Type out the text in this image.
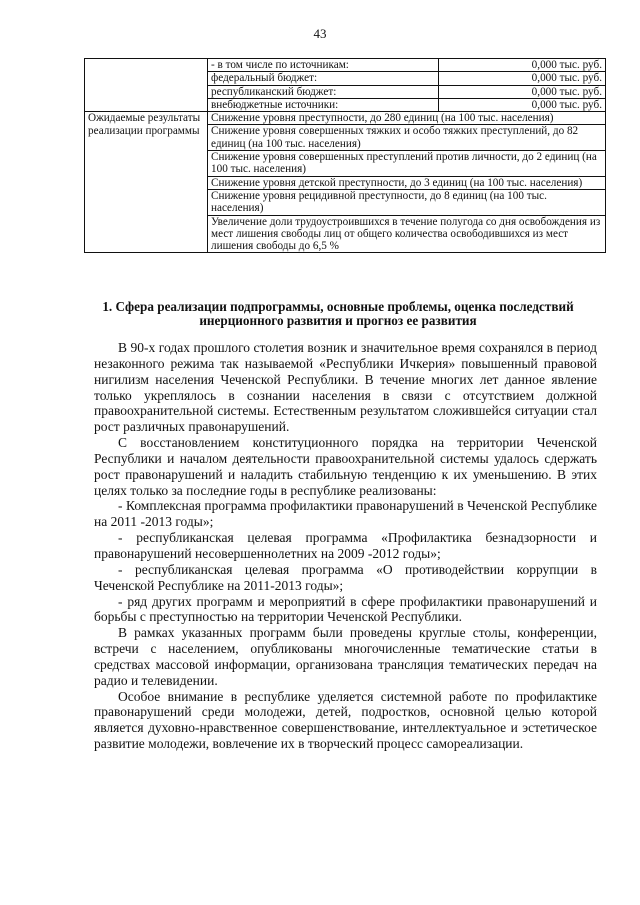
43
	- в том числе по источникам:	0,000 тыс. руб.
	федеральный бюджет:	0,000 тыс. руб.
	республиканский бюджет:	0,000 тыс. руб.
	внебюджетные источники:	0,000 тыс. руб.
Ожидаемые результаты реализации программы	Снижение уровня преступности, до 280 единиц (на 100 тыс. населения)	
	Снижение уровня совершенных тяжких и особо тяжких преступлений, до 82 единиц (на 100 тыс. населения)	
	Снижение уровня совершенных преступлений против личности, до 2 единиц (на 100 тыс. населения)	
	Снижение уровня детской преступности, до 3 единиц (на 100 тыс. населения)	
	Снижение уровня рецидивной преступности, до 8 единиц (на 100 тыс. населения)	
	Увеличение доли трудоустроившихся в течение полугода со дня освобождения из мест лишения свободы лиц от общего количества освободившихся из мест лишения свободы до 6,5 %	
1. Сфера реализации подпрограммы, основные проблемы, оценка последствий инерционного развития и прогноз ее развития

В 90-х годах прошлого столетия возник и значительное время сохранялся в период незаконного режима так называемой «Республики Ичкерия» повышенный правовой нигилизм населения Чеченской Республики. В течение многих лет данное явление только укреплялось в сознании населения в связи с отсутствием должной правоохранительной системы. Естественным результатом сложившейся ситуации стал рост различных правонарушений.

С восстановлением конституционного порядка на территории Чеченской Республики и началом деятельности правоохранительной системы удалось сдержать рост правонарушений и наладить стабильную тенденцию к их уменьшению. В этих целях только за последние годы в республике реализованы:

- Комплексная программа профилактики правонарушений в Чеченской Республике на 2011 -2013 годы»;

- республиканская целевая программа «Профилактика безнадзорности и правонарушений несовершеннолетних на 2009 -2012 годы»;

- республиканская целевая программа «О противодействии коррупции в Чеченской Республике на 2011-2013 годы»;

- ряд других программ и мероприятий в сфере профилактики правонарушений и борьбы с преступностью на территории Чеченской Республики.

В рамках указанных программ были проведены круглые столы, конференции, встречи с населением, опубликованы многочисленные тематические статьи в средствах массовой информации, организована трансляция тематических передач на радио и телевидении.

Особое внимание в республике уделяется системной работе по профилактике правонарушений среди молодежи, детей, подростков, основной целью которой является духовно-нравственное совершенствование, интеллектуальное и эстетическое развитие молодежи, вовлечение их в творческий процесс самореализации.
